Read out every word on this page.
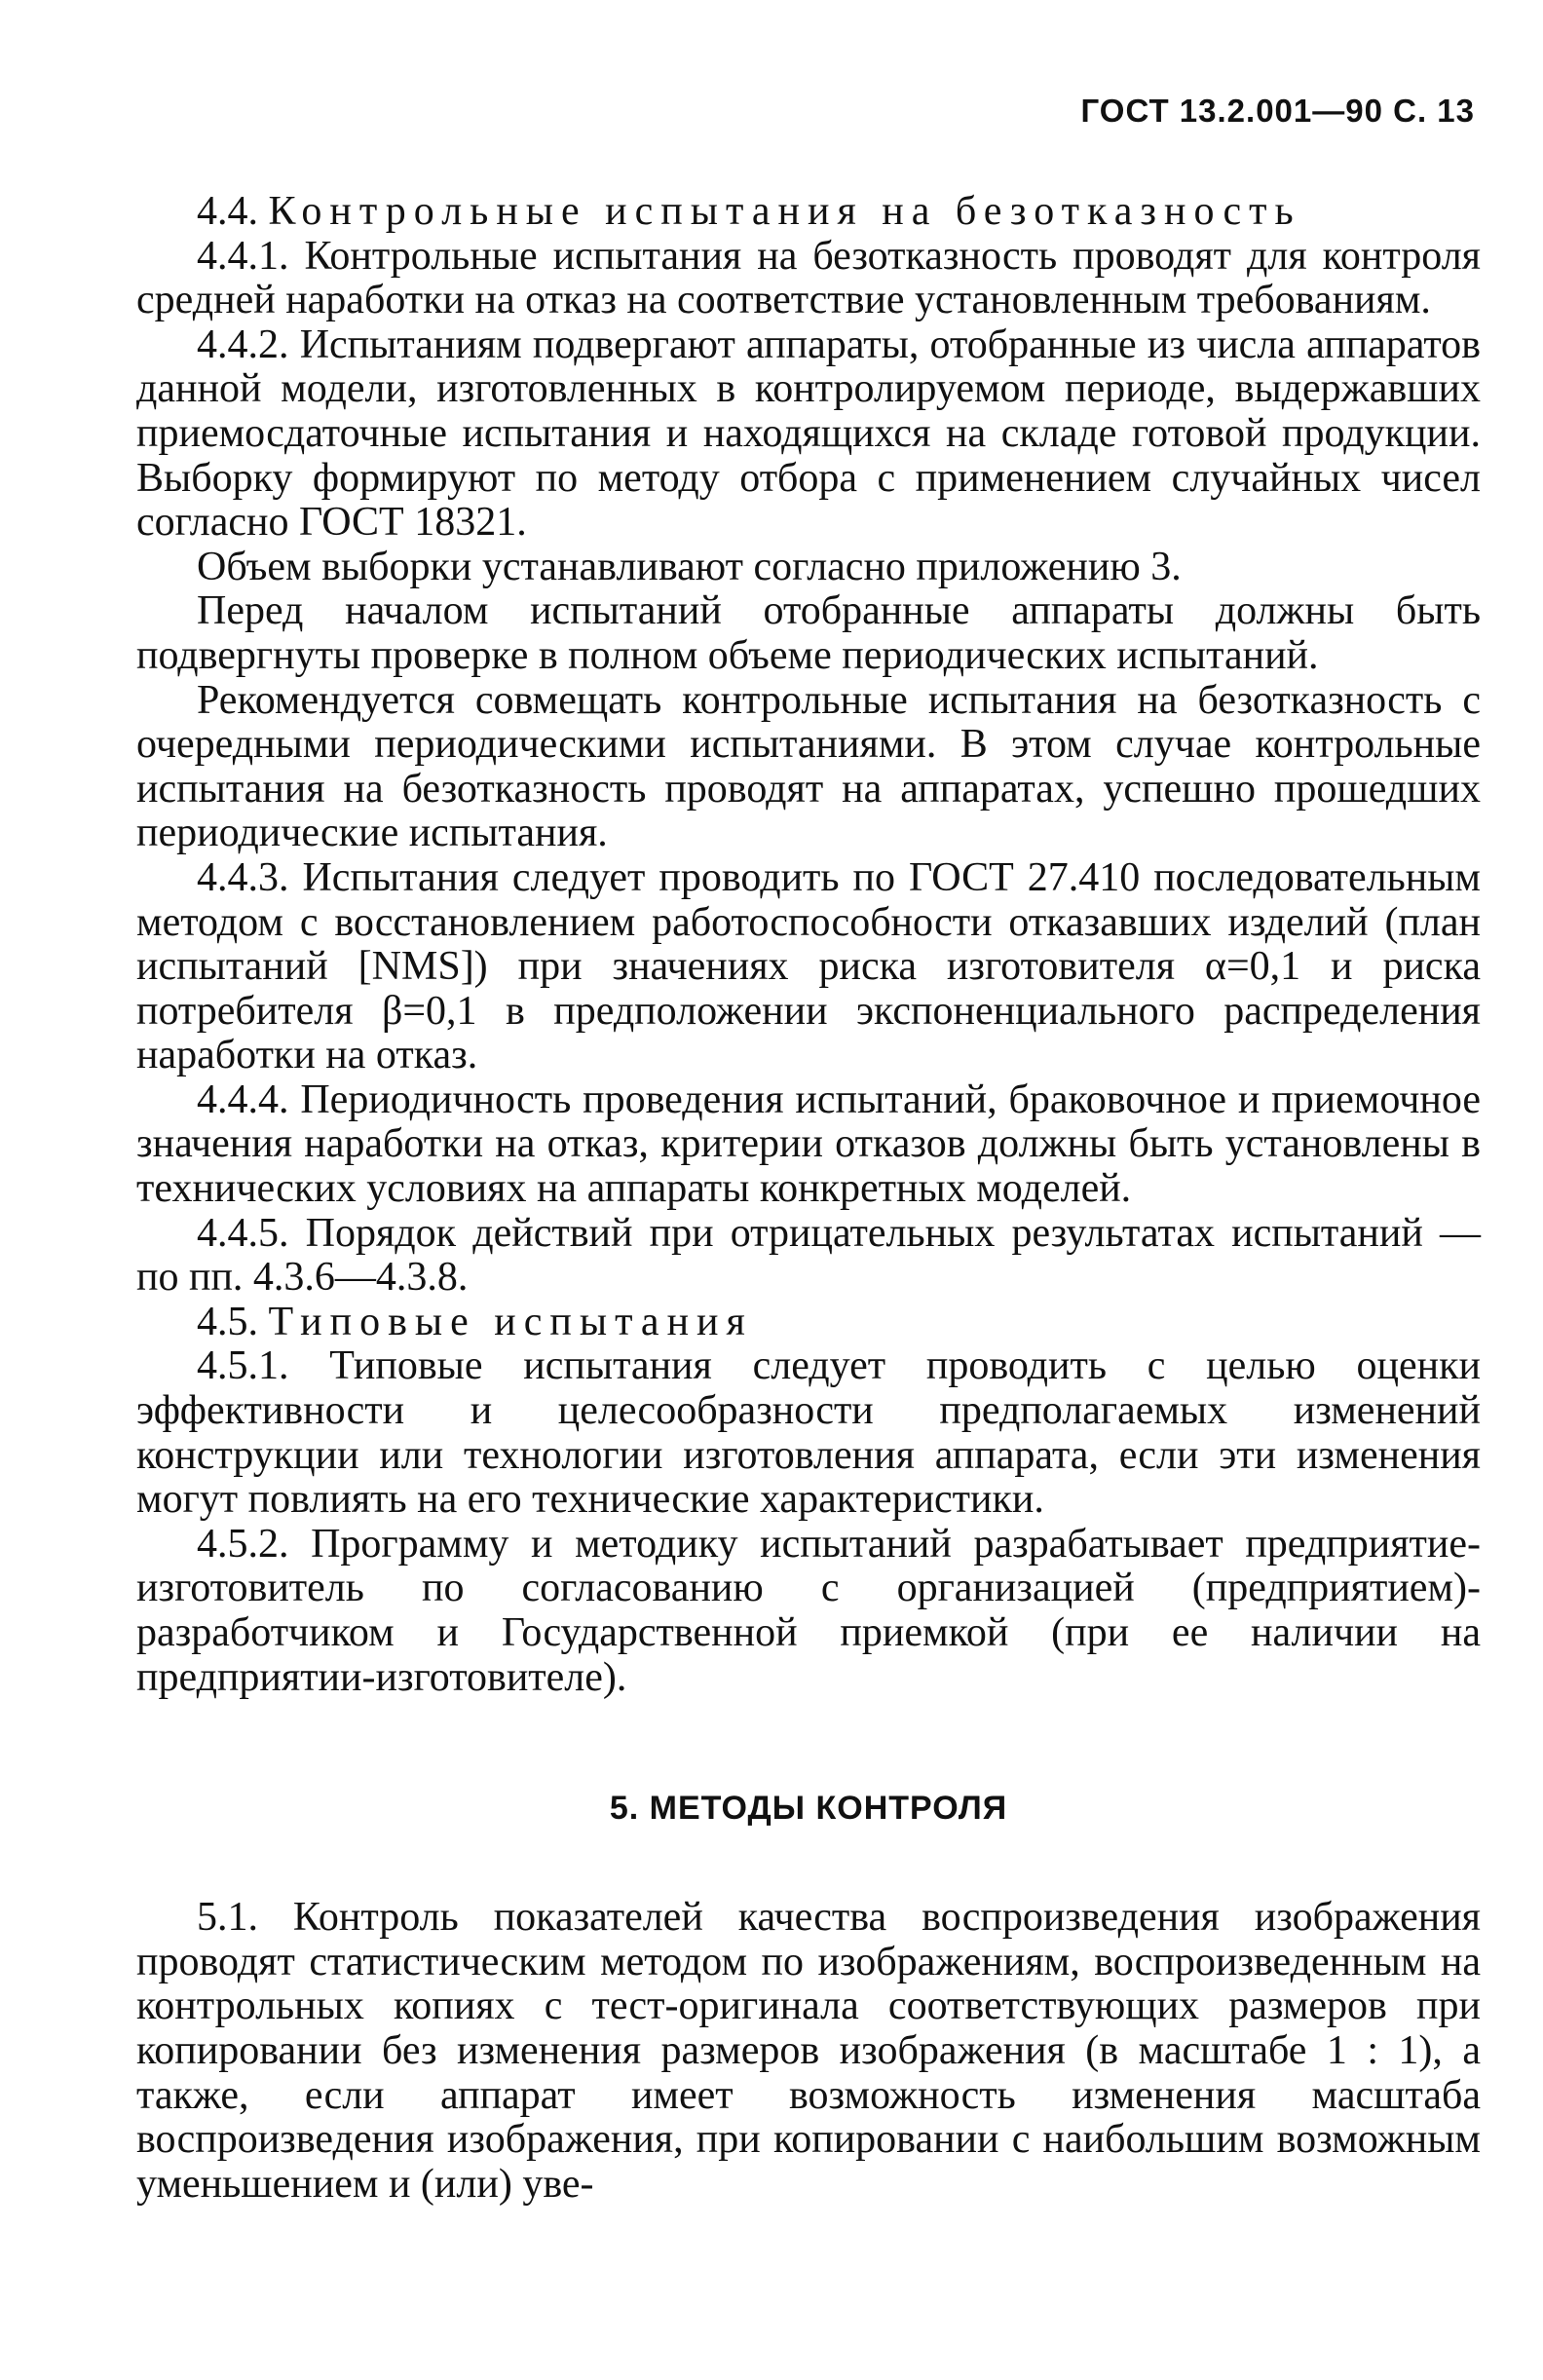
ГОСТ 13.2.001—90 С. 13

4.4. Контрольные испытания на безотказность

4.4.1. Контрольные испытания на безотказность проводят для контроля средней наработки на отказ на соответствие установленным требованиям.

4.4.2. Испытаниям подвергают аппараты, отобранные из числа аппаратов данной модели, изготовленных в контролируемом периоде, выдержавших приемосдаточные испытания и находящихся на складе готовой продукции. Выборку формируют по методу отбора с применением случайных чисел согласно ГОСТ 18321.

Объем выборки устанавливают согласно приложению 3.

Перед началом испытаний отобранные аппараты должны быть подвергнуты проверке в полном объеме периодических испытаний.

Рекомендуется совмещать контрольные испытания на безотказность с очередными периодическими испытаниями. В этом случае контрольные испытания на безотказность проводят на аппаратах, успешно прошедших периодические испытания.

4.4.3. Испытания следует проводить по ГОСТ 27.410 последовательным методом с восстановлением работоспособности отказавших изделий (план испытаний [NMS]) при значениях риска изготовителя α=0,1 и риска потребителя β=0,1 в предположении экспоненциального распределения наработки на отказ.

4.4.4. Периодичность проведения испытаний, браковочное и приемочное значения наработки на отказ, критерии отказов должны быть установлены в технических условиях на аппараты конкретных моделей.

4.4.5. Порядок действий при отрицательных результатах испытаний — по пп. 4.3.6—4.3.8.

4.5. Типовые испытания

4.5.1. Типовые испытания следует проводить с целью оценки эффективности и целесообразности предполагаемых изменений конструкции или технологии изготовления аппарата, если эти изменения могут повлиять на его технические характеристики.

4.5.2. Программу и методику испытаний разрабатывает предприятие-изготовитель по согласованию с организацией (предприятием)-разработчиком и Государственной приемкой (при ее наличии на предприятии-изготовителе).

5. МЕТОДЫ КОНТРОЛЯ

5.1. Контроль показателей качества воспроизведения изображения проводят статистическим методом по изображениям, воспроизведенным на контрольных копиях с тест-оригинала соответствующих размеров при копировании без изменения размеров изображения (в масштабе 1 : 1), а также, если аппарат имеет возможность изменения масштаба воспроизведения изображения, при копировании с наибольшим возможным уменьшением и (или) уве-
